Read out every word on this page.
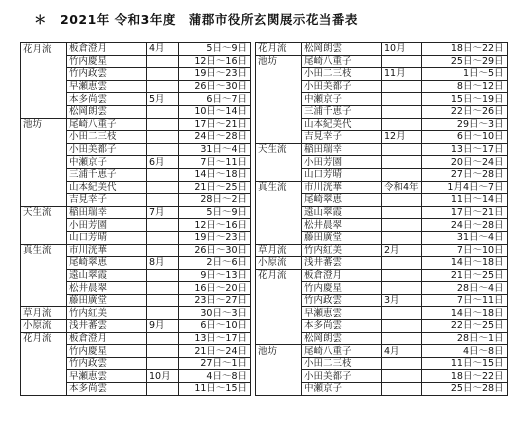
＊　2021年 令和3年度　蒲郡市役所玄関展示花当番表
花月流	板倉澄月	4月	5日～9日		花月流	松岡朗雲	10月	18日～22日
	竹内慶星		12日～16日		池坊	尾崎八重子		25日～29日
	竹内政雲		19日～23日			小田二三枝	11月	1日～5日
	早瀬恵雲		26日～30日			小田美都子		8日～12日
	本多尚雲	5月	6日～7日			中瀬京子		15日～19日
	松岡朗雲		10日～14日			三浦千恵子		22日～26日
池坊	尾崎八重子		17日～21日			山本紀美代		29日～3日
	小田二三枝		24日～28日			吉見幸子	12月	6日～10日
	小田美都子		31日～4日		天生流	稲田瑞幸		13日～17日
	中瀬京子	6月	7日～11日			小田芳園		20日～24日
	三浦千恵子		14日～18日			山口芳晴		27日～28日
	山本紀美代		21日～25日		真生流	市川洸華	令和4年	1月4日～7日
	吉見幸子		28日～2日			尾崎翠恵		11日～14日
天生流	稲田瑞幸	7月	5日～9日			遠山翠霞		17日～21日
	小田芳園		12日～16日			松井晨翠		24日～28日
	山口芳晴		19日～23日			藤田廣堂		31日～4日
真生流	市川洸華		26日～30日		草月流	竹内紅美	2月	7日～10日
	尾崎翠恵	8月	2日～6日		小原流	浅井蕃雲		14日～18日
	遠山翠霞		9日～13日		花月流	板倉澄月		21日～25日
	松井晨翠		16日～20日			竹内慶星		28日～4日
	藤田廣堂		23日～27日			竹内政雲	3月	7日～11日
草月流	竹内紅美		30日～3日			早瀬恵雲		14日～18日
小原流	浅井蕃雲	9月	6日～10日			本多尚雲		22日～25日
花月流	板倉澄月		13日～17日			松岡朗雲		28日～1日
	竹内慶星		21日～24日		池坊	尾崎八重子	4月	4日～8日
	竹内政雲		27日～1日			小田二三枝		11日～15日
	早瀬恵雲	10月	4日～8日			小田美都子		18日～22日
	本多尚雲		11日～15日			中瀬京子		25日～28日
